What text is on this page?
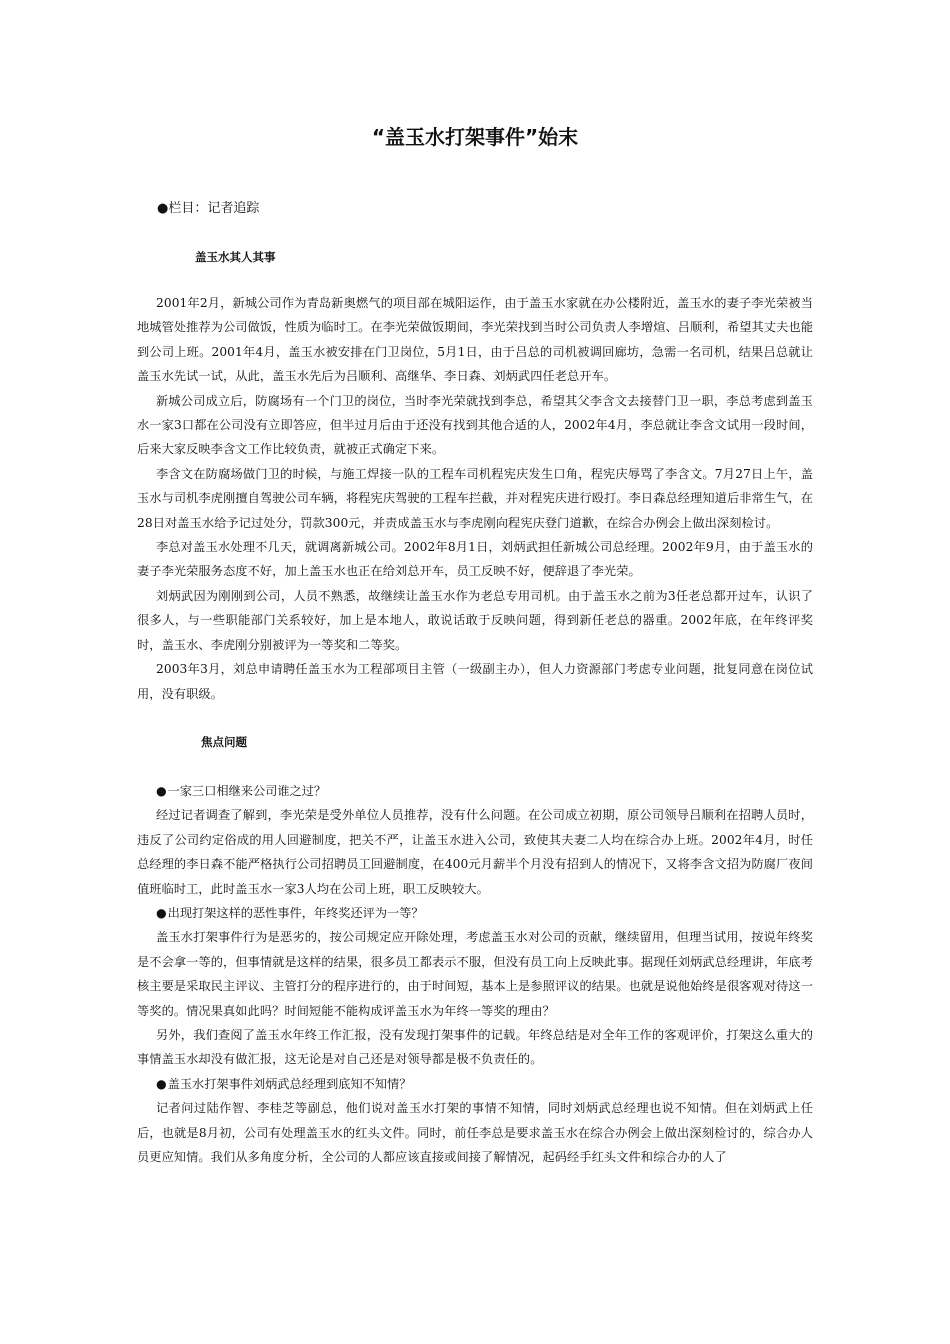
“盖玉水打架事件”始末

●栏目：记者追踪

盖玉水其人其事

2001年2月，新城公司作为青岛新奥燃气的项目部在城阳运作，由于盖玉水家就在办公楼附近，盖玉水的妻子李光荣被当地城管处推荐为公司做饭，性质为临时工。在李光荣做饭期间，李光荣找到当时公司负责人李增煊、吕顺利，希望其丈夫也能到公司上班。2001年4月，盖玉水被安排在门卫岗位，5月1日，由于吕总的司机被调回廊坊，急需一名司机，结果吕总就让盖玉水先试一试，从此，盖玉水先后为吕顺利、高继华、李日森、刘炳武四任老总开车。

新城公司成立后，防腐场有一个门卫的岗位，当时李光荣就找到李总，希望其父李含文去接替门卫一职，李总考虑到盖玉水一家3口都在公司没有立即答应，但半过月后由于还没有找到其他合适的人，2002年4月，李总就让李含文试用一段时间，后来大家反映李含文工作比较负责，就被正式确定下来。

李含文在防腐场做门卫的时候，与施工焊接一队的工程车司机程宪庆发生口角，程宪庆辱骂了李含文。7月27日上午，盖玉水与司机李虎刚擅自驾驶公司车辆，将程宪庆驾驶的工程车拦截，并对程宪庆进行殴打。李日森总经理知道后非常生气，在28日对盖玉水给予记过处分，罚款300元，并责成盖玉水与李虎刚向程宪庆登门道歉，在综合办例会上做出深刻检讨。

李总对盖玉水处理不几天，就调离新城公司。2002年8月1日，刘炳武担任新城公司总经理。2002年9月，由于盖玉水的妻子李光荣服务态度不好，加上盖玉水也正在给刘总开车，员工反映不好，便辞退了李光荣。

刘炳武因为刚刚到公司，人员不熟悉，故继续让盖玉水作为老总专用司机。由于盖玉水之前为3任老总都开过车，认识了很多人，与一些职能部门关系较好，加上是本地人，敢说话敢于反映问题，得到新任老总的器重。2002年底，在年终评奖时，盖玉水、李虎刚分别被评为一等奖和二等奖。

2003年3月，刘总申请聘任盖玉水为工程部项目主管（一级副主办），但人力资源部门考虑专业问题，批复同意在岗位试用，没有职级。

焦点问题

●一家三口相继来公司谁之过？

经过记者调查了解到，李光荣是受外单位人员推荐，没有什么问题。在公司成立初期，原公司领导吕顺利在招聘人员时，违反了公司约定俗成的用人回避制度，把关不严，让盖玉水进入公司，致使其夫妻二人均在综合办上班。2002年4月，时任总经理的李日森不能严格执行公司招聘员工回避制度，在400元月薪半个月没有招到人的情况下，又将李含文招为防腐厂夜间值班临时工，此时盖玉水一家3人均在公司上班，职工反映较大。

●出现打架这样的恶性事件，年终奖还评为一等？

盖玉水打架事件行为是恶劣的，按公司规定应开除处理，考虑盖玉水对公司的贡献，继续留用，但理当试用，按说年终奖是不会拿一等的，但事情就是这样的结果，很多员工都表示不服，但没有员工向上反映此事。据现任刘炳武总经理讲，年底考核主要是采取民主评议、主管打分的程序进行的，由于时间短，基本上是参照评议的结果。也就是说他始终是很客观对待这一等奖的。情况果真如此吗？时间短能不能构成评盖玉水为年终一等奖的理由？

另外，我们查阅了盖玉水年终工作汇报，没有发现打架事件的记载。年终总结是对全年工作的客观评价，打架这么重大的事情盖玉水却没有做汇报，这无论是对自己还是对领导都是极不负责任的。

●盖玉水打架事件刘炳武总经理到底知不知情？

记者问过陆作智、李桂芝等副总，他们说对盖玉水打架的事情不知情，同时刘炳武总经理也说不知情。但在刘炳武上任后，也就是8月初，公司有处理盖玉水的红头文件。同时，前任李总是要求盖玉水在综合办例会上做出深刻检讨的，综合办人员更应知情。我们从多角度分析，全公司的人都应该直接或间接了解情况，起码经手红头文件和综合办的人了
